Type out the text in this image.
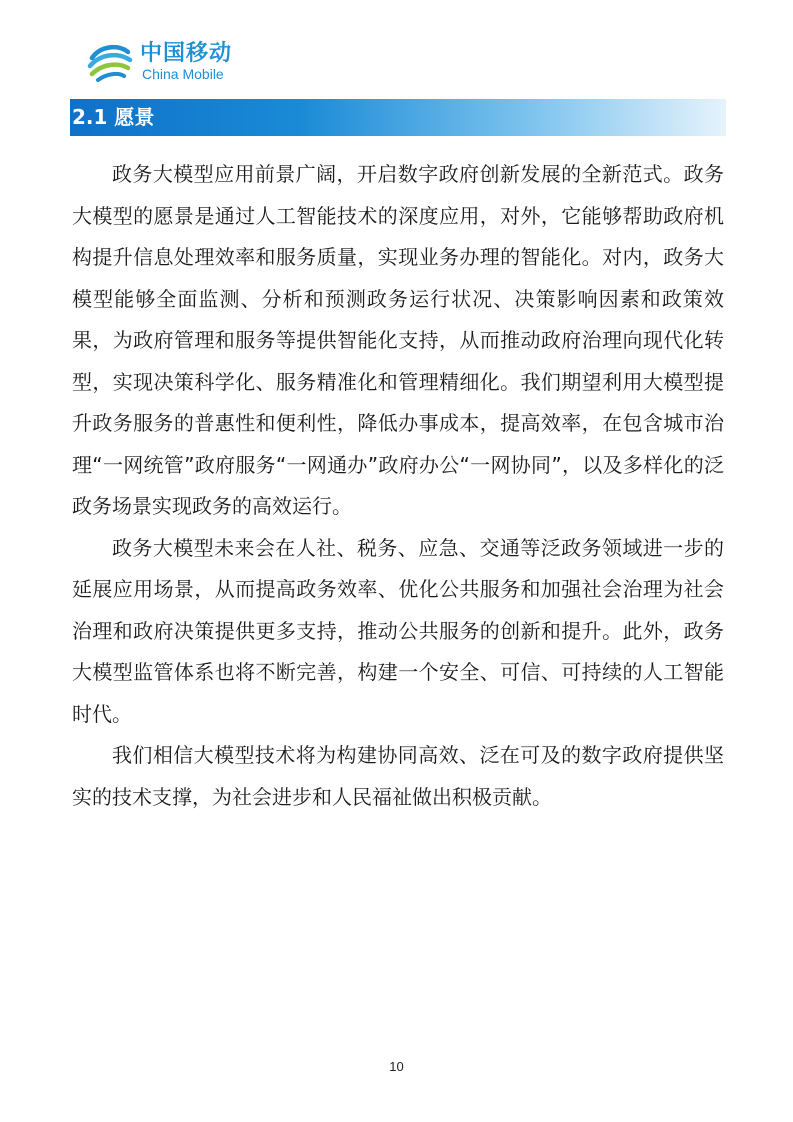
中国移动
China Mobile
2.1 愿景

政务大模型应用前景广阔，开启数字政府创新发展的全新范式。政务大模型的愿景是通过人工智能技术的深度应用，对外，它能够帮助政府机构提升信息处理效率和服务质量，实现业务办理的智能化。对内，政务大模型能够全面监测、分析和预测政务运行状况、决策影响因素和政策效果，为政府管理和服务等提供智能化支持，从而推动政府治理向现代化转型，实现决策科学化、服务精准化和管理精细化。我们期望利用大模型提升政务服务的普惠性和便利性，降低办事成本，提高效率，在包含城市治理“一网统管”政府服务“一网通办”政府办公“一网协同”，以及多样化的泛政务场景实现政务的高效运行。

政务大模型未来会在人社、税务、应急、交通等泛政务领域进一步的延展应用场景，从而提高政务效率、优化公共服务和加强社会治理为社会治理和政府决策提供更多支持，推动公共服务的创新和提升。此外，政务大模型监管体系也将不断完善，构建一个安全、可信、可持续的人工智能时代。

我们相信大模型技术将为构建协同高效、泛在可及的数字政府提供坚实的技术支撑，为社会进步和人民福祉做出积极贡献。

10
